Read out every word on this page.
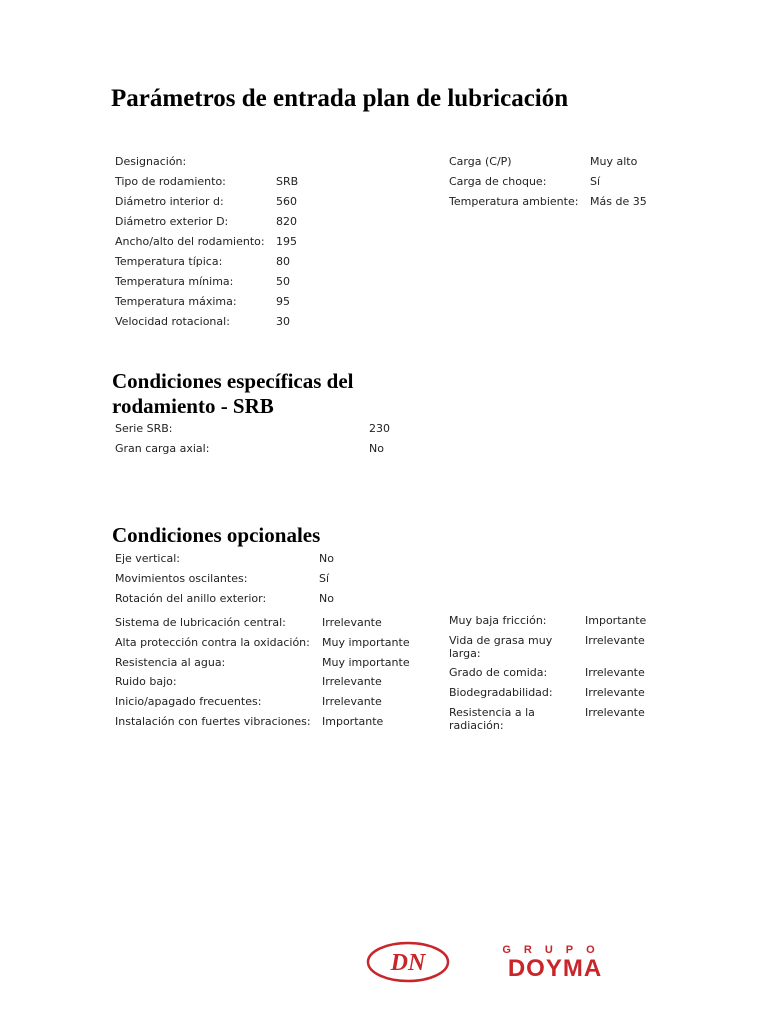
Parámetros de entrada plan de lubricación
Designación:
Tipo de rodamiento:	SRB
Diámetro interior d:	560
Diámetro exterior D:	820
Ancho/alto del rodamiento: 195
Temperatura típica:	80
Temperatura mínima:	50
Temperatura máxima:	95
Velocidad rotacional:	30
Carga (C/P)	Muy alto
Carga de choque:	Sí
Temperatura ambiente: Más de 35
Condiciones específicas del
rodamiento - SRB
Serie SRB:	230
Gran carga axial:	No
Condiciones opcionales
Eje vertical:	No
Movimientos oscilantes:	Sí
Rotación del anillo exterior:	No
Sistema de lubricación central:	Irrelevante
Alta protección contra la oxidación: Muy importante
Resistencia al agua:	Muy importante
Ruido bajo:	Irrelevante
Inicio/apagado frecuentes:	Irrelevante
Instalación con fuertes vibraciones: Importante
Muy baja fricción:	Importante
Vida de grasa muy larga:
Irrelevante
Grado de comida:	Irrelevante
Biodegradabilidad:	Irrelevante
Resistencia a la radiación:
Irrelevante
DN	GRUPO
DOYMA
